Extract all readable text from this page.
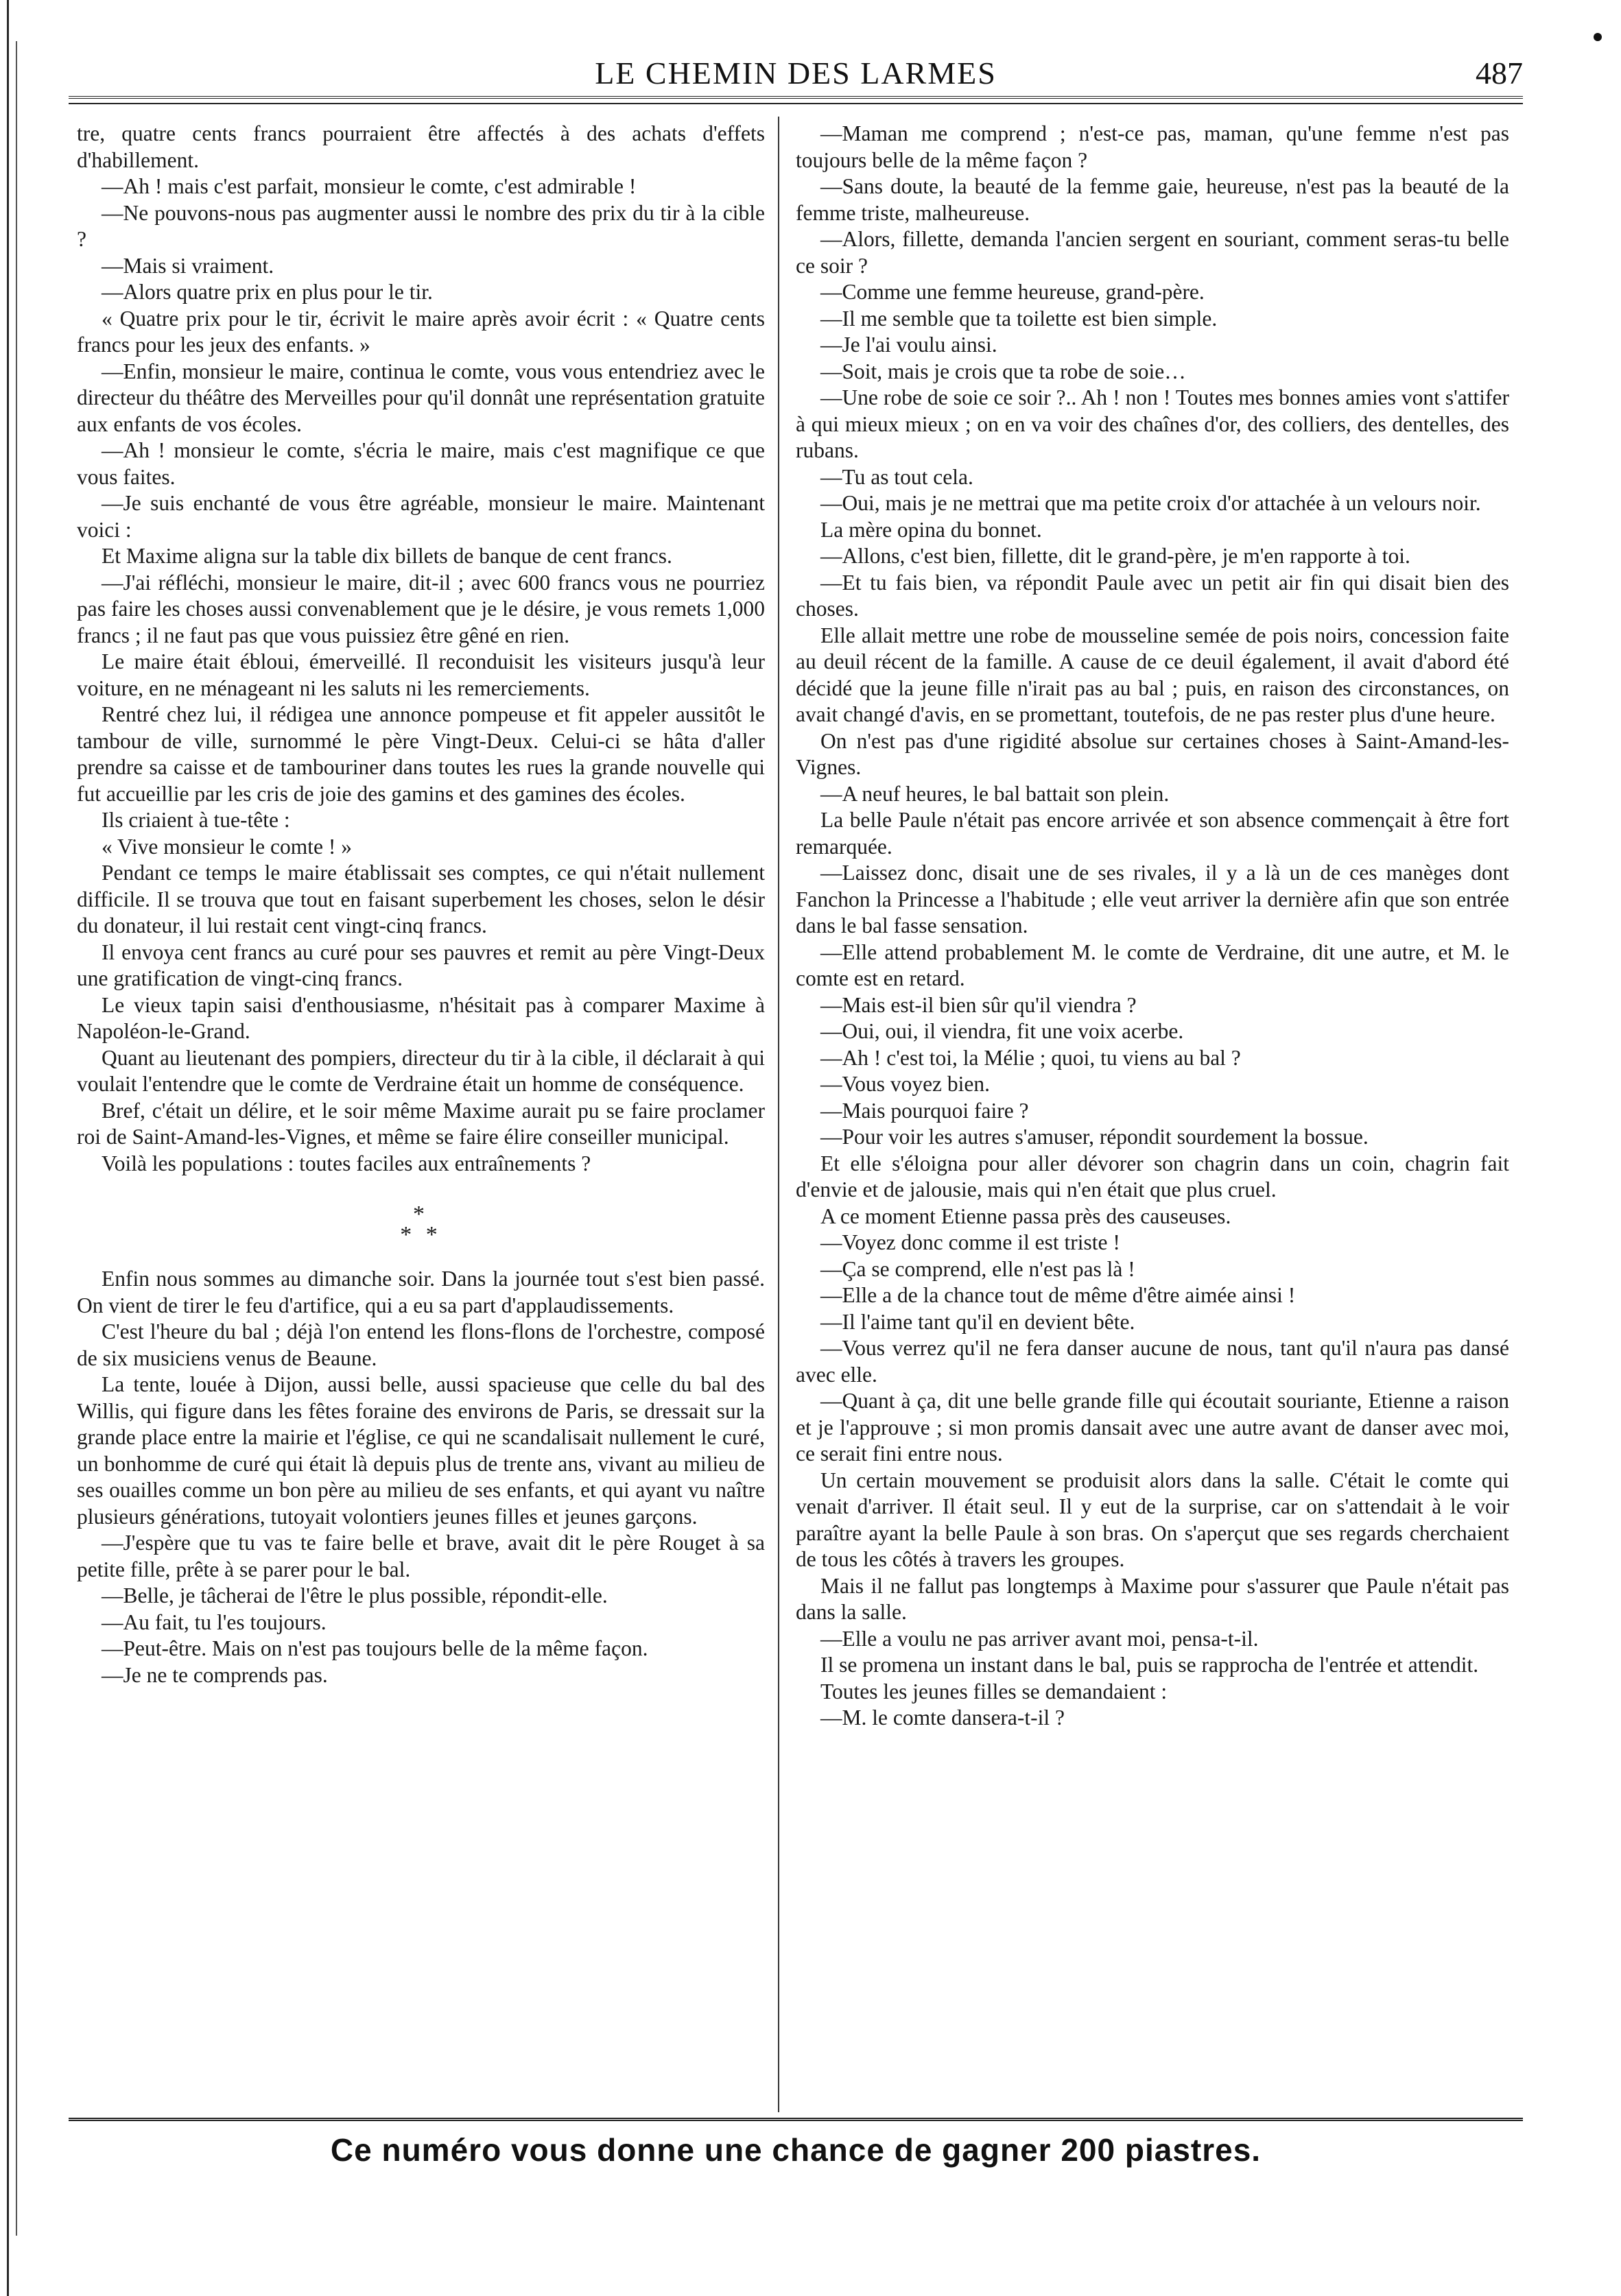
LE CHEMIN DES LARMES	487

tre, quatre cents francs pourraient être affectés à des achats d'effets d'habillement.

—Ah ! mais c'est parfait, monsieur le comte, c'est admirable !

—Ne pouvons-nous pas augmenter aussi le nombre des prix du tir à la cible ?

—Mais si vraiment.

—Alors quatre prix en plus pour le tir.

« Quatre prix pour le tir, écrivit le maire après avoir écrit : « Quatre cents francs pour les jeux des enfants. »

—Enfin, monsieur le maire, continua le comte, vous vous entendriez avec le directeur du théâtre des Merveilles pour qu'il donnât une représentation gratuite aux enfants de vos écoles.

—Ah ! monsieur le comte, s'écria le maire, mais c'est magnifique ce que vous faites.

—Je suis enchanté de vous être agréable, monsieur le maire. Maintenant voici :

Et Maxime aligna sur la table dix billets de banque de cent francs.

—J'ai réfléchi, monsieur le maire, dit-il ; avec 600 francs vous ne pourriez pas faire les choses aussi convenablement que je le désire, je vous remets 1,000 francs ; il ne faut pas que vous puissiez être gêné en rien.

Le maire était ébloui, émerveillé. Il reconduisit les visiteurs jusqu'à leur voiture, en ne ménageant ni les saluts ni les remerciements.

Rentré chez lui, il rédigea une annonce pompeuse et fit appeler aussitôt le tambour de ville, surnommé le père Vingt-Deux. Celui-ci se hâta d'aller prendre sa caisse et de tambouriner dans toutes les rues la grande nouvelle qui fut accueillie par les cris de joie des gamins et des gamines des écoles.

Ils criaient à tue-tête :

« Vive monsieur le comte ! »

Pendant ce temps le maire établissait ses comptes, ce qui n'était nullement difficile. Il se trouva que tout en faisant superbement les choses, selon le désir du donateur, il lui restait cent vingt-cinq francs.

Il envoya cent francs au curé pour ses pauvres et remit au père Vingt-Deux une gratification de vingt-cinq francs.

Le vieux tapin saisi d'enthousiasme, n'hésitait pas à comparer Maxime à Napoléon-le-Grand.

Quant au lieutenant des pompiers, directeur du tir à la cible, il déclarait à qui voulait l'entendre que le comte de Verdraine était un homme de conséquence.

Bref, c'était un délire, et le soir même Maxime aurait pu se faire proclamer roi de Saint-Amand-les-Vignes, et même se faire élire conseiller municipal.

Voilà les populations : toutes faciles aux entraînements ?

*
* *

Enfin nous sommes au dimanche soir. Dans la journée tout s'est bien passé. On vient de tirer le feu d'artifice, qui a eu sa part d'applaudissements.

C'est l'heure du bal ; déjà l'on entend les flons-flons de l'orchestre, composé de six musiciens venus de Beaune.

La tente, louée à Dijon, aussi belle, aussi spacieuse que celle du bal des Willis, qui figure dans les fêtes foraine des environs de Paris, se dressait sur la grande place entre la mairie et l'église, ce qui ne scandalisait nullement le curé, un bonhomme de curé qui était là depuis plus de trente ans, vivant au milieu de ses ouailles comme un bon père au milieu de ses enfants, et qui ayant vu naître plusieurs générations, tutoyait volontiers jeunes filles et jeunes garçons.

—J'espère que tu vas te faire belle et brave, avait dit le père Rouget à sa petite fille, prête à se parer pour le bal.

—Belle, je tâcherai de l'être le plus possible, répondit-elle.

—Au fait, tu l'es toujours.

—Peut-être. Mais on n'est pas toujours belle de la même façon.

—Je ne te comprends pas.

—Maman me comprend ; n'est-ce pas, maman, qu'une femme n'est pas toujours belle de la même façon ?

—Sans doute, la beauté de la femme gaie, heureuse, n'est pas la beauté de la femme triste, malheureuse.

—Alors, fillette, demanda l'ancien sergent en souriant, comment seras-tu belle ce soir ?

—Comme une femme heureuse, grand-père.

—Il me semble que ta toilette est bien simple.

—Je l'ai voulu ainsi.

—Soit, mais je crois que ta robe de soie…

—Une robe de soie ce soir ?.. Ah ! non ! Toutes mes bonnes amies vont s'attifer à qui mieux mieux ; on en va voir des chaînes d'or, des colliers, des dentelles, des rubans.

—Tu as tout cela.

—Oui, mais je ne mettrai que ma petite croix d'or attachée à un velours noir.

La mère opina du bonnet.

—Allons, c'est bien, fillette, dit le grand-père, je m'en rapporte à toi.

—Et tu fais bien, va répondit Paule avec un petit air fin qui disait bien des choses.

Elle allait mettre une robe de mousseline semée de pois noirs, concession faite au deuil récent de la famille. A cause de ce deuil également, il avait d'abord été décidé que la jeune fille n'irait pas au bal ; puis, en raison des circonstances, on avait changé d'avis, en se promettant, toutefois, de ne pas rester plus d'une heure.

On n'est pas d'une rigidité absolue sur certaines choses à Saint-Amand-les-Vignes.

—A neuf heures, le bal battait son plein.

La belle Paule n'était pas encore arrivée et son absence commençait à être fort remarquée.

—Laissez donc, disait une de ses rivales, il y a là un de ces manèges dont Fanchon la Princesse a l'habitude ; elle veut arriver la dernière afin que son entrée dans le bal fasse sensation.

—Elle attend probablement M. le comte de Verdraine, dit une autre, et M. le comte est en retard.

—Mais est-il bien sûr qu'il viendra ?

—Oui, oui, il viendra, fit une voix acerbe.

—Ah ! c'est toi, la Mélie ; quoi, tu viens au bal ?

—Vous voyez bien.

—Mais pourquoi faire ?

—Pour voir les autres s'amuser, répondit sourdement la bossue.

Et elle s'éloigna pour aller dévorer son chagrin dans un coin, chagrin fait d'envie et de jalousie, mais qui n'en était que plus cruel.

A ce moment Etienne passa près des causeuses.

—Voyez donc comme il est triste !

—Ça se comprend, elle n'est pas là !

—Elle a de la chance tout de même d'être aimée ainsi !

—Il l'aime tant qu'il en devient bête.

—Vous verrez qu'il ne fera danser aucune de nous, tant qu'il n'aura pas dansé avec elle.

—Quant à ça, dit une belle grande fille qui écoutait souriante, Etienne a raison et je l'approuve ; si mon promis dansait avec une autre avant de danser avec moi, ce serait fini entre nous.

Un certain mouvement se produisit alors dans la salle. C'était le comte qui venait d'arriver. Il était seul. Il y eut de la surprise, car on s'attendait à le voir paraître ayant la belle Paule à son bras. On s'aperçut que ses regards cherchaient de tous les côtés à travers les groupes.

Mais il ne fallut pas longtemps à Maxime pour s'assurer que Paule n'était pas dans la salle.

—Elle a voulu ne pas arriver avant moi, pensa-t-il.

Il se promena un instant dans le bal, puis se rapprocha de l'entrée et attendit.

Toutes les jeunes filles se demandaient :

—M. le comte dansera-t-il ?

Ce numéro vous donne une chance de gagner 200 piastres.
